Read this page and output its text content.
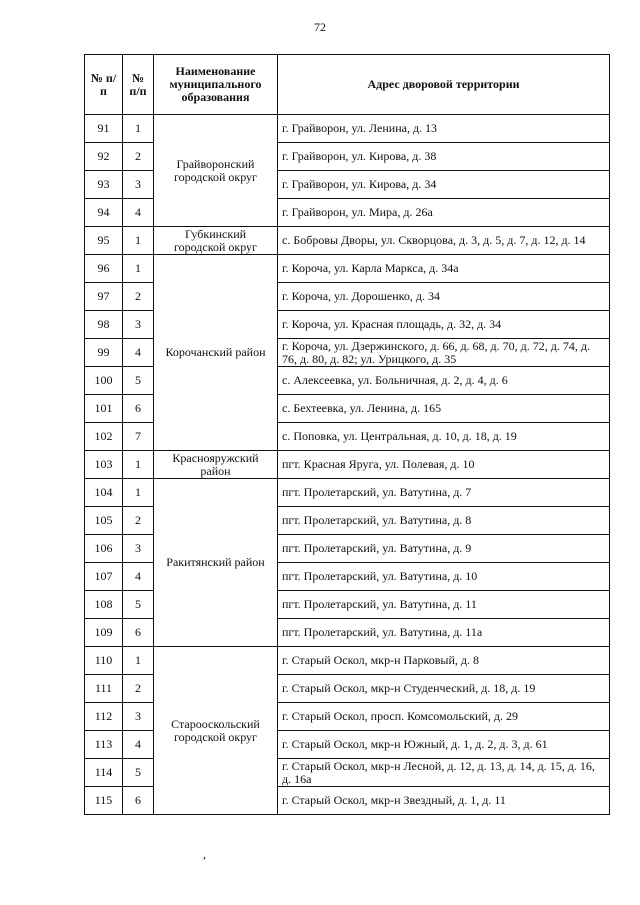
72
№ п/п	№ п/п	Наименование муниципального образования	Адрес дворовой территории
91	1	Грайворонский городской округ	г. Грайворон, ул. Ленина, д. 13
92	2		г. Грайворон, ул. Кирова, д. 38
93	3		г. Грайворон, ул. Кирова, д. 34
94	4		г. Грайворон, ул. Мира, д. 26а
95	1	Губкинский городской округ	с. Бобровы Дворы, ул. Скворцова, д. 3, д. 5, д. 7, д. 12, д. 14
96	1	Корочанский район	г. Короча, ул. Карла Маркса, д. 34а
97	2		г. Короча, ул. Дорошенко, д. 34
98	3		г. Короча, ул. Красная площадь, д. 32, д. 34
99	4		г. Короча, ул. Дзержинского, д. 66, д. 68, д. 70, д. 72, д. 74, д. 76, д. 80, д. 82; ул. Урицкого, д. 35
100	5		с. Алексеевка, ул. Больничная, д. 2, д. 4, д. 6
101	6		с. Бехтеевка, ул. Ленина, д. 165
102	7		с. Поповка, ул. Центральная, д. 10, д. 18, д. 19
103	1	Краснояружский район	пгт. Красная Яруга, ул. Полевая, д. 10
104	1	Ракитянский район	пгт. Пролетарский, ул. Ватутина, д. 7
105	2		пгт. Пролетарский, ул. Ватутина, д. 8
106	3		пгт. Пролетарский, ул. Ватутина, д. 9
107	4		пгт. Пролетарский, ул. Ватутина, д. 10
108	5		пгт. Пролетарский, ул. Ватутина, д. 11
109	6		пгт. Пролетарский, ул. Ватутина, д. 11а
110	1	Старооскольский городской округ	г. Старый Оскол, мкр-н Парковый, д. 8
111	2		г. Старый Оскол, мкр-н Студенческий, д. 18, д. 19
112	3		г. Старый Оскол, просп. Комсомольский, д. 29
113	4		г. Старый Оскол, мкр-н Южный, д. 1, д. 2, д. 3, д. 61
114	5		г. Старый Оскол, мкр-н Лесной, д. 12, д. 13, д. 14, д. 15, д. 16, д. 16а
115	6		г. Старый Оскол, мкр-н Звездный, д. 1, д. 11
,
